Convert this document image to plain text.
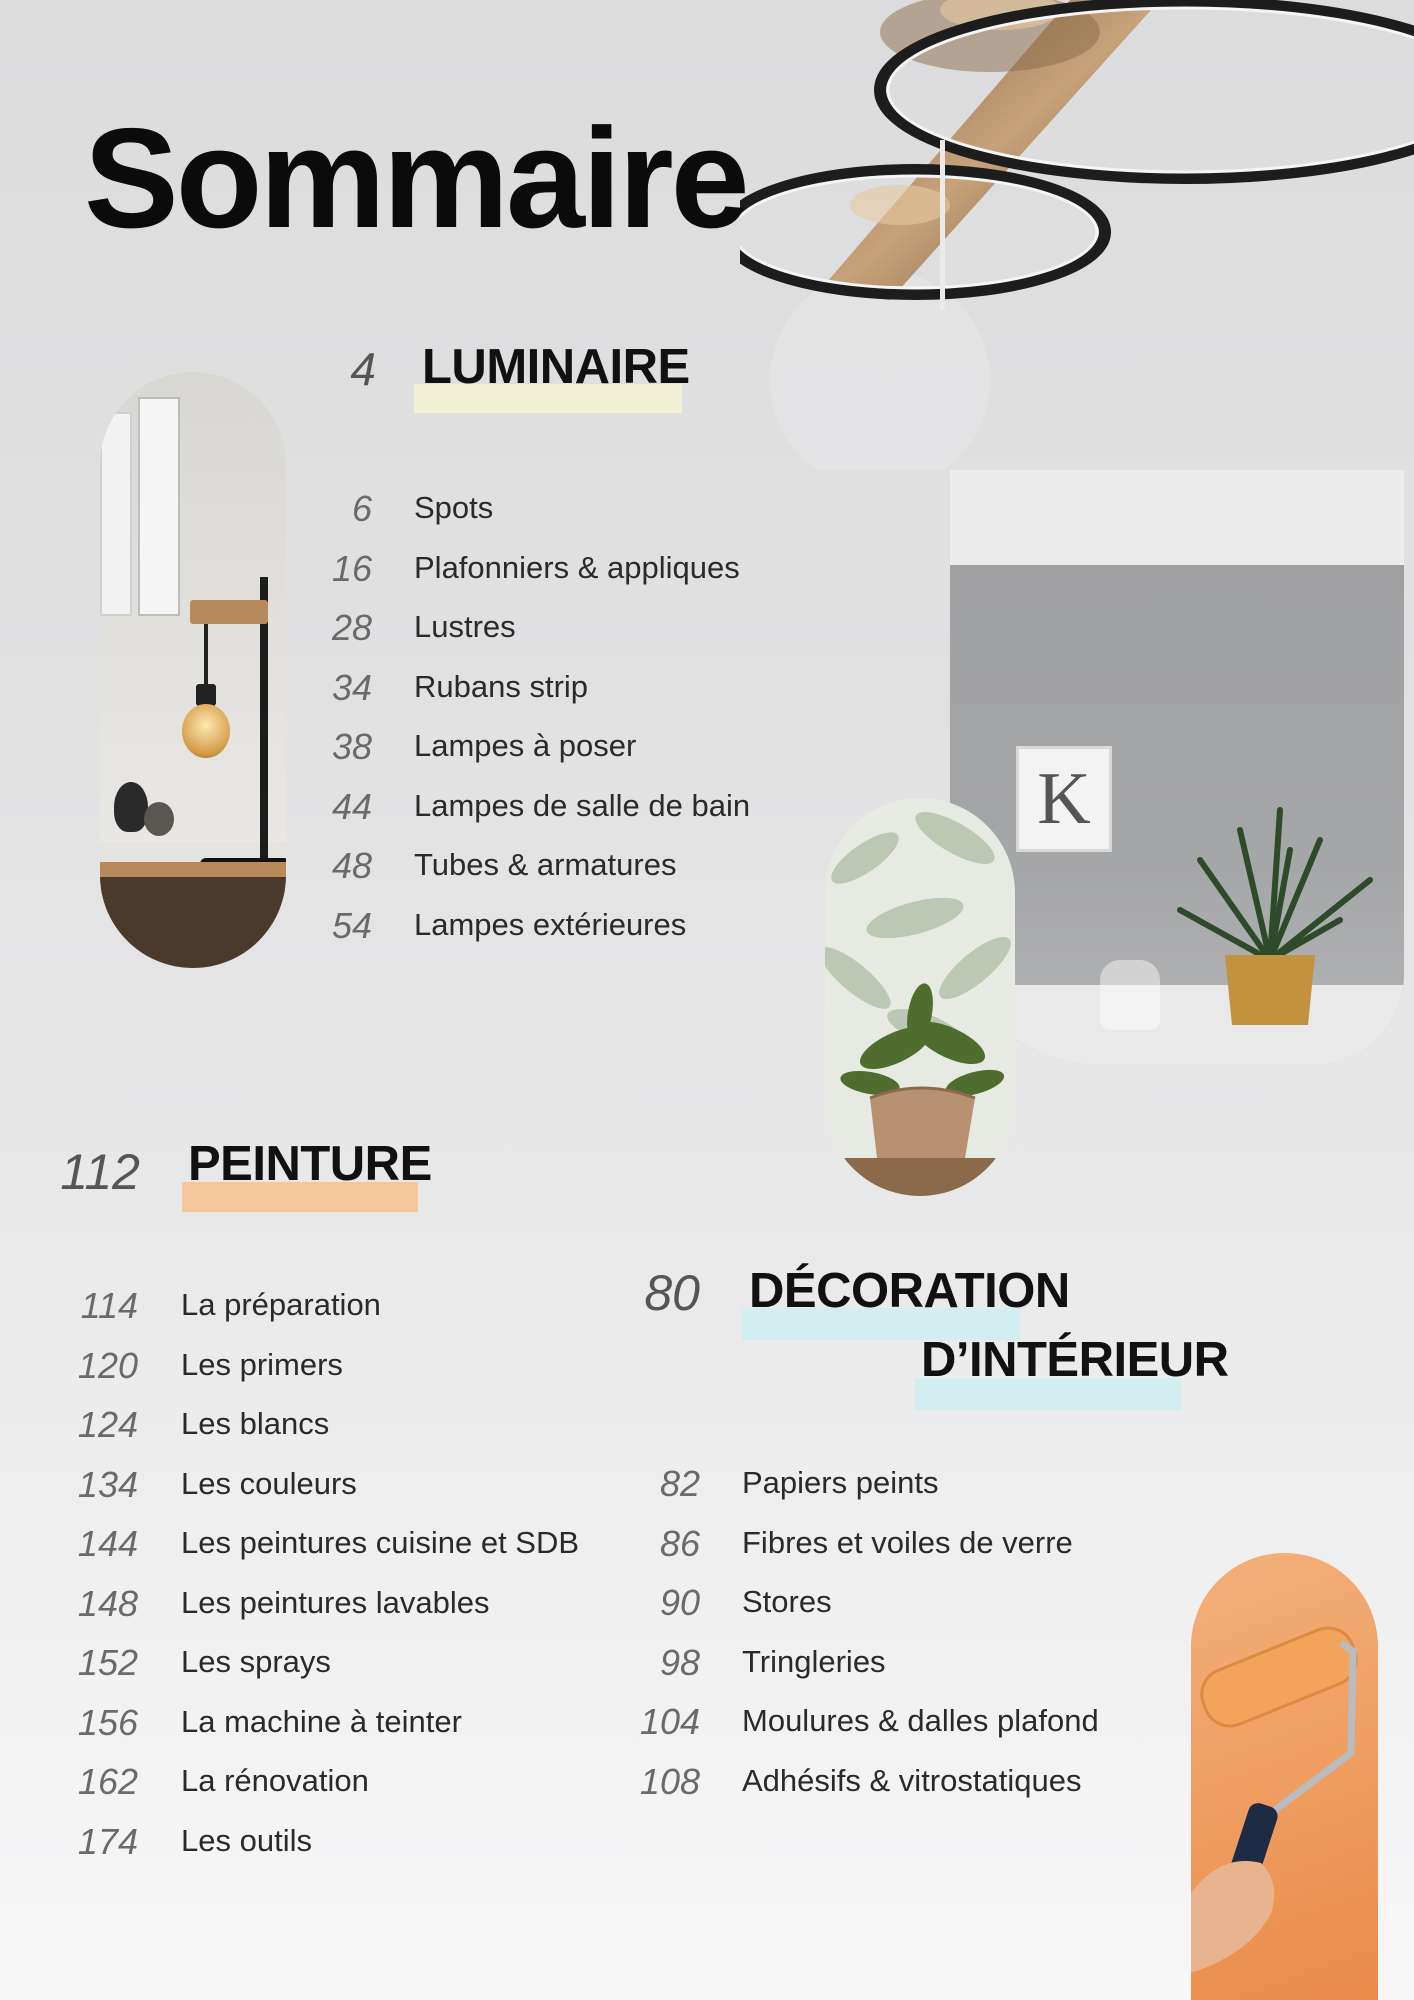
K
Sommaire
4 LUMINAIRE
6 Spots
16 Plafonniers & appliques
28 Lustres
34 Rubans strip
38 Lampes à poser
44 Lampes de salle de bain
48 Tubes & armatures
54 Lampes extérieures
112 PEINTURE
114 La préparation
120 Les primers
124 Les blancs
134 Les couleurs
144 Les peintures cuisine et SDB
148 Les peintures lavables
152 Les sprays
156 La machine à teinter
162 La rénovation
174 Les outils
80 DÉCORATION
D’INTÉRIEUR
82 Papiers peints
86 Fibres et voiles de verre
90 Stores
98 Tringleries
104 Moulures & dalles plafond
108 Adhésifs & vitrostatiques
